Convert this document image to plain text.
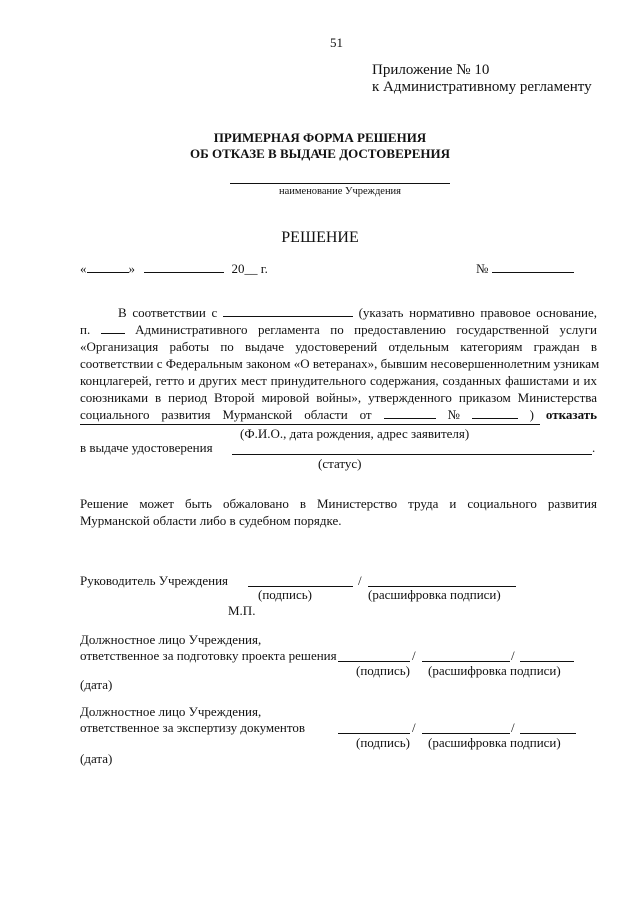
51
Приложение № 10
к Административному регламенту
ПРИМЕРНАЯ ФОРМА РЕШЕНИЯ
ОБ ОТКАЗЕ В ВЫДАЧЕ ДОСТОВЕРЕНИЯ
наименование Учреждения
РЕШЕНИЕ
«	»	20__ г.	№
В соответствии с	(указать нормативно правовое основание,
п.	Административного регламента по предоставлению государственной услуги
«Организация работы по выдаче удостоверений отдельным категориям граждан в
соответствии с Федеральным законом «О ветеранах», бывшим несовершеннолетним узникам
концлагерей, гетто и других мест принудительного содержания, созданных фашистами и их
союзниками в период Второй мировой войны», утвержденного приказом Министерства
социального развития Мурманской области от	№	) отказать
(Ф.И.О., дата рождения, адрес заявителя)
в выдаче удостоверения	.
(статус)
Решение может быть обжаловано в Министерство труда и социального развития
Мурманской области либо в судебном порядке.
Руководитель Учреждения	/
(подпись)	(расшифровка подписи)
М.П.
Должностное лицо Учреждения,
ответственное за подготовку проекта решения	/	/
(подпись) (расшифровка подписи)
(дата)
Должностное лицо Учреждения,
ответственное за экспертизу документов	/	/
(подпись) (расшифровка подписи)
(дата)
